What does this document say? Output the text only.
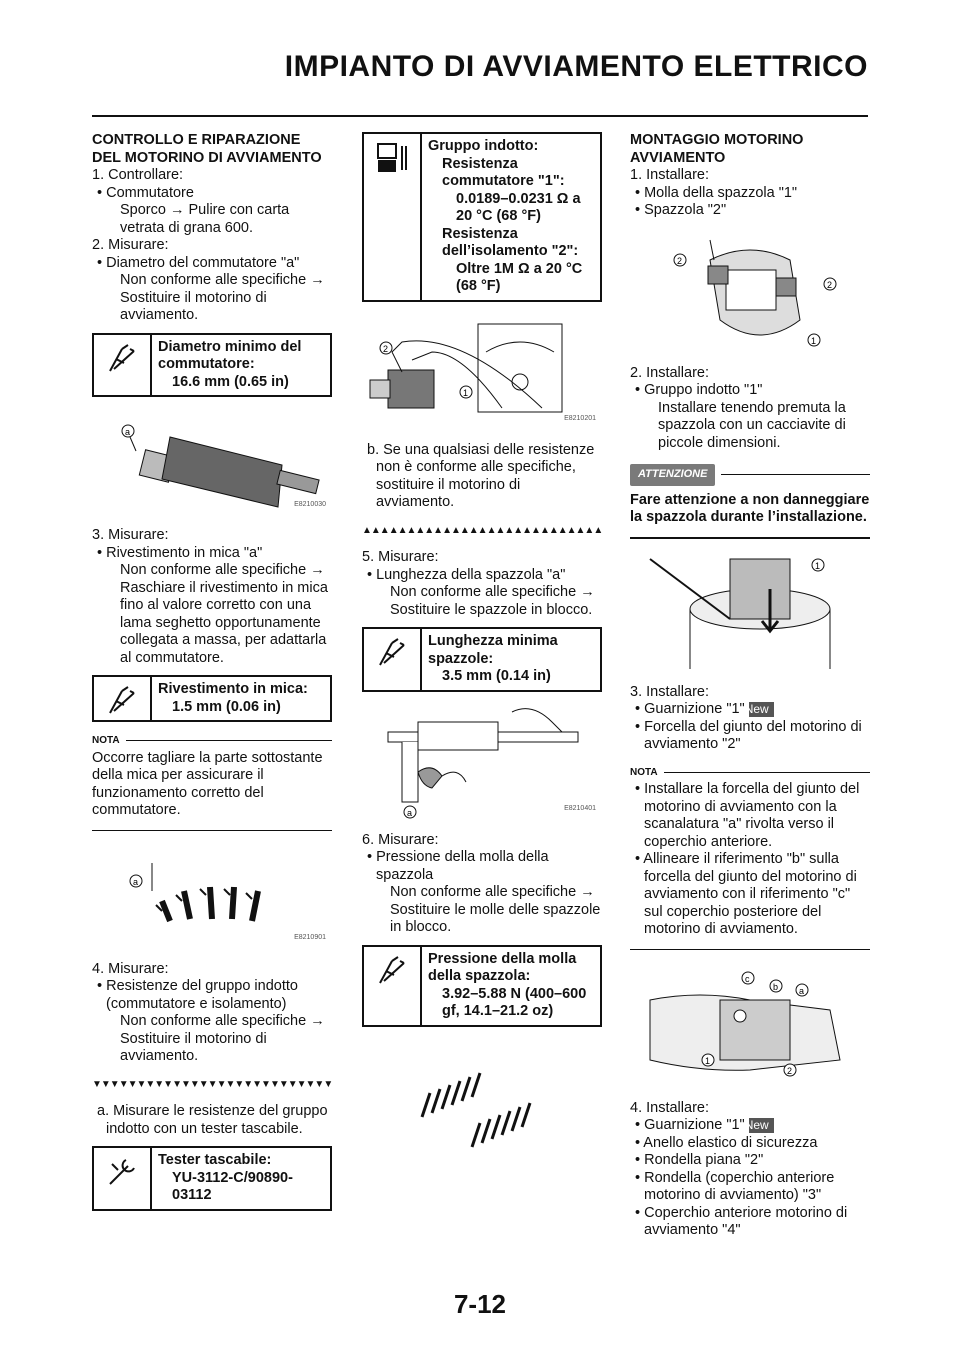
IMPIANTO DI AVVIAMENTO ELETTRICO
CONTROLLO E RIPARAZIONE DEL MOTORINO DI AVVIAMENTO
1. Controllare:
• Commutatore
Sporco → Pulire con carta vetrata di grana 600.
2. Misurare:
• Diametro del commutatore "a"
Non conforme alle specifiche → Sostituire il motorino di avviamento.
Diametro minimo del commutatore:
16.6 mm (0.65 in)
a
E8210030
3. Misurare:
• Rivestimento in mica "a"
Non conforme alle specifiche → Raschiare il rivestimento in mica fino al valore corretto con una lama seghetto opportunamente collegata a massa, per adattarla al commutatore.
Rivestimento in mica:
1.5 mm (0.06 in)
NOTA
Occorre tagliare la parte sottostante della mica per assicurare il funzionamento corretto del commutatore.
a
E8210901
4. Misurare:
• Resistenze del gruppo indotto (commutatore e isolamento)
Non conforme alle specifiche → Sostituire il motorino di avviamento.
▼▼▼▼▼▼▼▼▼▼▼▼▼▼▼▼▼▼▼▼▼▼▼▼▼▼▼
a. Misurare le resistenze del gruppo indotto con un tester tascabile.
Tester tascabile:
YU-3112-C/90890-03112
Gruppo indotto:
Resistenza commutatore "1":
0.0189–0.0231 Ω a 20 °C (68 °F)
Resistenza dell’isolamento "2":
Oltre 1M Ω a 20 °C (68 °F)
2
1
E8210201
b. Se una qualsiasi delle resistenze non è conforme alle specifiche, sostituire il motorino di avviamento.
▲▲▲▲▲▲▲▲▲▲▲▲▲▲▲▲▲▲▲▲▲▲▲▲▲▲▲
5. Misurare:
• Lunghezza della spazzola "a"
Non conforme alle specifiche → Sostituire le spazzole in blocco.
Lunghezza minima spazzole:
3.5 mm (0.14 in)
a	E8210401
6. Misurare:
• Pressione della molla della spazzola
Non conforme alle specifiche → Sostituire le molle delle spazzole in blocco.
Pressione della molla della spazzola:
3.92–5.88 N (400–600 gf, 14.1–21.2 oz)
MONTAGGIO MOTORINO AVVIAMENTO
1. Installare:
• Molla della spazzola "1"
• Spazzola "2"
2
2
1
2. Installare:
• Gruppo indotto "1"
Installare tenendo premuta la spazzola con un cacciavite di piccole dimensioni.
ATTENZIONE
Fare attenzione a non danneggiare la spazzola durante l’installazione.
1
3. Installare:
• Guarnizione "1"New
• Forcella del giunto del motorino di avviamento "2"
NOTA
• Installare la forcella del giunto del motorino di avviamento con la scanalatura "a" rivolta verso il coperchio anteriore.
• Allineare il riferimento "b" sulla forcella del giunto del motorino di avviamento con il riferimento "c" sul coperchio posteriore del motorino di avviamento.
c
b a
1
2
4. Installare:
• Guarnizione "1"New
• Anello elastico di sicurezza
• Rondella piana "2"
• Rondella (coperchio anteriore motorino di avviamento) "3"
• Coperchio anteriore motorino di avviamento "4"
7-12
